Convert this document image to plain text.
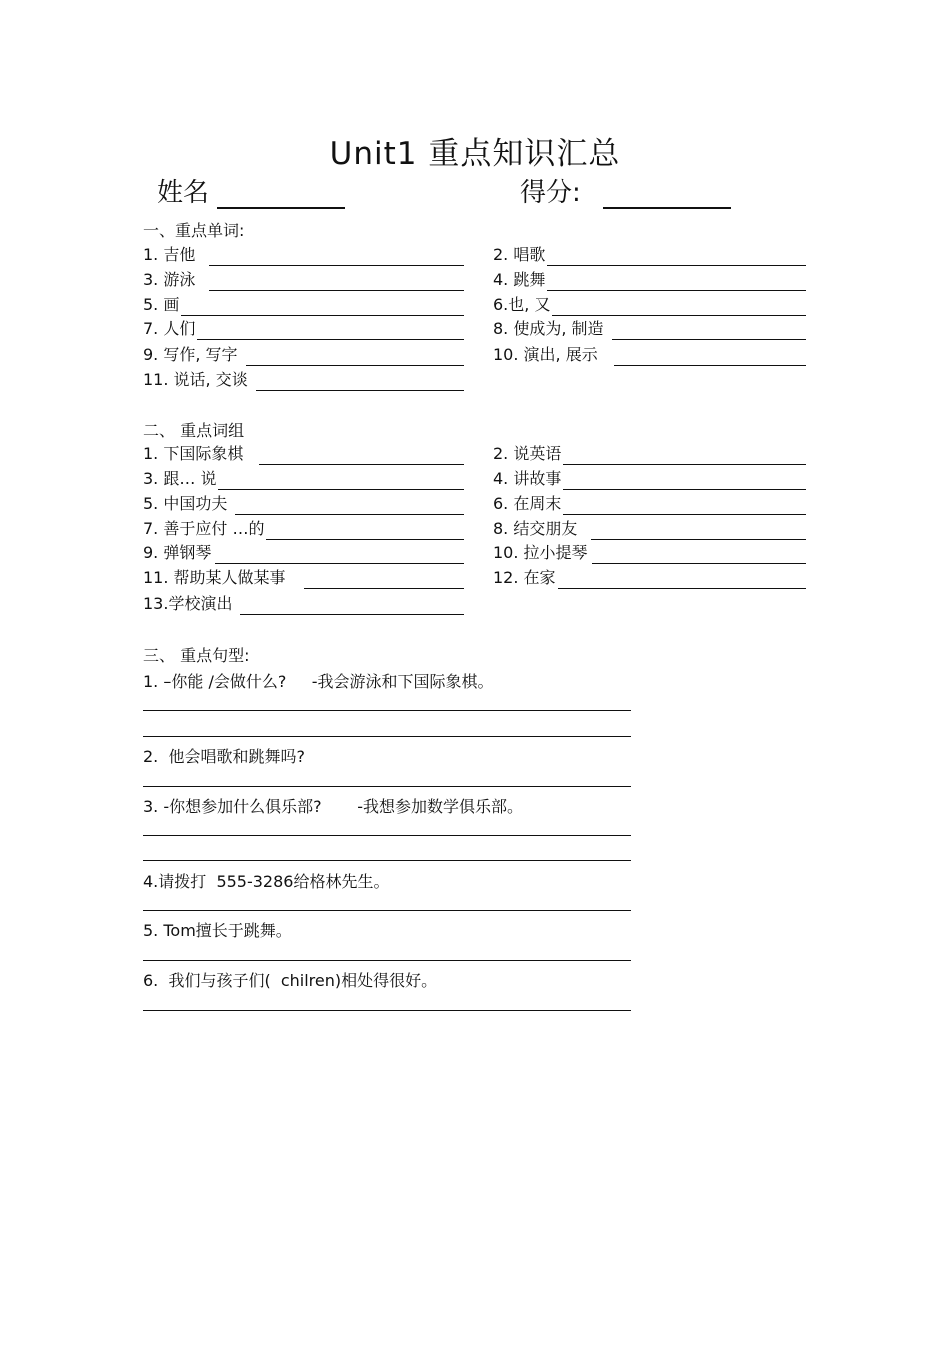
Unit1 重点知识汇总
姓名	得分:
一、重点单词:
1. 吉他	2. 唱歌
3. 游泳	4. 跳舞
5. 画	6.也, 又
7. 人们	8. 使成为, 制造
9. 写作, 写字	10. 演出, 展示
11. 说话, 交谈
二、 重点词组
1. 下国际象棋	2. 说英语
3. 跟… 说	4. 讲故事
5. 中国功夫	6. 在周末
7. 善于应付 …的	8. 结交朋友
9. 弹钢琴	10. 拉小提琴
11. 帮助某人做某事	12. 在家
13.学校演出
三、 重点句型:
1. –你能 /会做什么?     -我会游泳和下国际象棋。
2.  他会唱歌和跳舞吗?
3. -你想参加什么俱乐部?       -我想参加数学俱乐部。
4.请拨打  555-3286给格林先生。
5. Tom擅长于跳舞。
6.  我们与孩子们(  chilren)相处得很好。
